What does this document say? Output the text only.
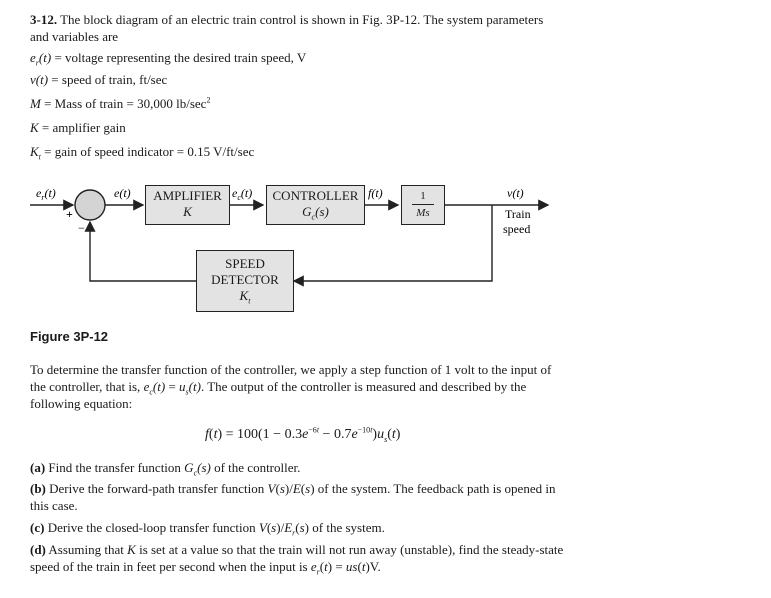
3-12. The block diagram of an electric train control is shown in Fig. 3P-12. The system parameters
and variables are
$e_r(t)$ = voltage representing the desired train speed, V
v(t) = speed of train, ft/sec
M = Mass of train = 30,000 $lb/\sec^2$
K = amplifier gain
$K_t$ = gain of speed indicator = 0.15 V/ft/sec
$e_r(t)$
+
−
e(t)	$e_c(t)$	f(t)	v(t)
Train
speed
AMPLIFIER
K
CONTROLLER
$G_c(s)$
1
Ms
SPEED
DETECTOR
$K_t$
Figure 3P-12
To determine the transfer function of the controller, we apply a step function of 1 volt to the input of
the controller, that is, $e_c(t) = u_s(t)$. The output of the controller is measured and described by the
following equation:
$f(t) = 100(1 - 0.3e^{-6t} - 0.7e^{-10t})u_s(t)$
(a) Find the transfer function $G_c(s)$ of the controller.
(b) Derive the forward-path transfer function V(s)/E(s) of the system. The feedback path is opened in
this case.
(c) Derive the closed-loop transfer function $V(s)/E_r(s)$ of the system.
(d) Assuming that K is set at a value so that the train will not run away (unstable), find the steady-state
speed of the train in feet per second when the input is $e_r(t) = us(t)V$.
